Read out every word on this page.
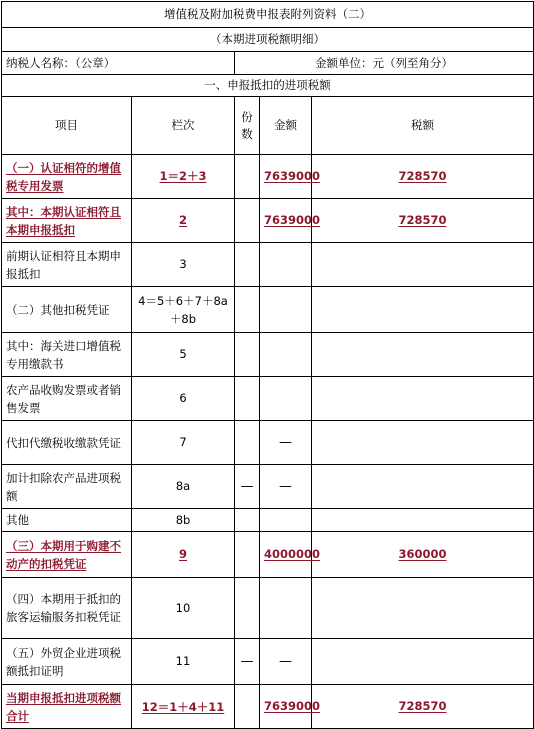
增值税及附加税费申报表附列资料（二）				
（本期进项税额明细）				
纳税人名称：（公章）		金额单位：元（列至角分）		
一、申报抵扣的进项税额				
项目	栏次	份数	金额	税额
（一）认证相符的增值税专用发票	1＝2＋3		7639000	728570
其中：本期认证相符且本期申报抵扣	2		7639000	728570
前期认证相符且本期申报抵扣	3			
（二）其他扣税凭证	4＝5＋6＋7＋8a＋8b			
其中：海关进口增值税专用缴款书	5			
农产品收购发票或者销售发票	6			
代扣代缴税收缴款凭证	7		—	
加计扣除农产品进项税额	8a	—	—	
其他	8b			
（三）本期用于购建不动产的扣税凭证	9		4000000	360000
（四）本期用于抵扣的旅客运输服务扣税凭证	10			
（五）外贸企业进项税额抵扣证明	11	—	—	
当期申报抵扣进项税额合计	12＝1＋4＋11		7639000	728570
